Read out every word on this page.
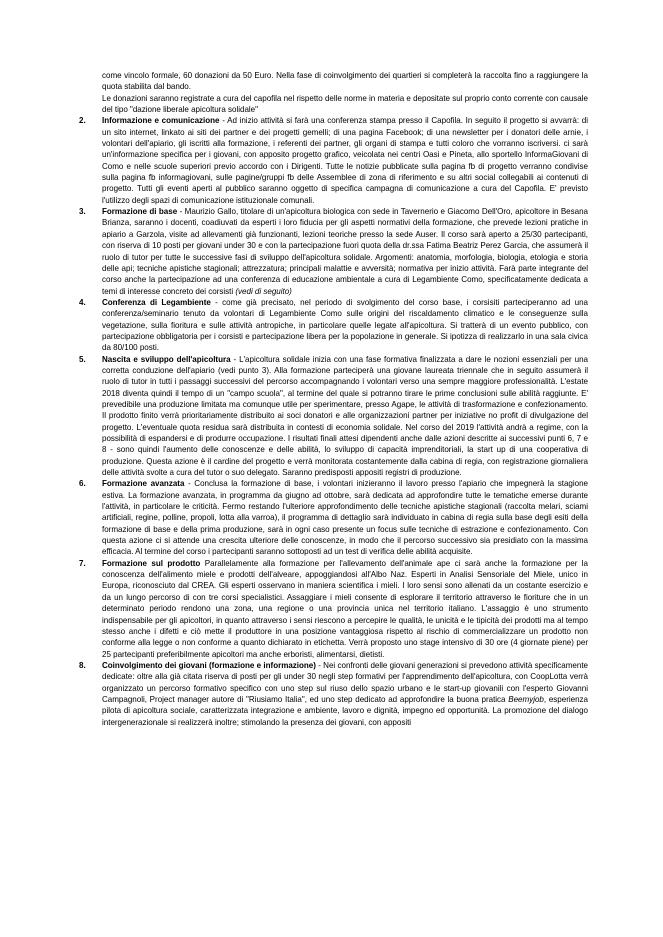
come vincolo formale, 60 donazioni da 50 Euro. Nella fase di coinvolgimento dei quartieri si completerà la raccolta fino a raggiungere la quota stabilita dal bando.

Le donazioni saranno registrate a cura del capofila nel rispetto delle norme in materia e depositate sul proprio conto corrente con causale del tipo "dazione liberale apicoltura solidale"

2.	Informazione e comunicazione - Ad inizio attività si farà una conferenza stampa presso il Capofila. In seguito il progetto si avvarrà: di un sito internet, linkato ai siti dei partner e dei progetti gemelli; di una pagina Facebook; di una newsletter per i donatori delle arnie, i volontari dell'apiario, gli iscritti alla formazione, i referenti dei partner, gli organi di stampa e tutti coloro che vorranno iscriversi. ci sarà un'informazione specifica per i giovani, con apposito progetto grafico, veicolata nei centri Oasi e Pineta, allo sportello InformaGiovani di Como e nelle scuole superiori previo accordo con i Dirigenti. Tutte le notizie pubblicate sulla pagina fb di progetto verranno condivise sulla pagina fb informagiovani, sulle pagine/gruppi fb delle Assemblee di zona di riferimento e su altri social collegabili ai contenuti di progetto. Tutti gli eventi aperti al pubblico saranno oggetto di specifica campagna di comunicazione a cura del Capofila. E' previsto l'utilizzo degli spazi di comunicazione istituzionale comunali.

3.	Formazione di base - Maurizio Gallo, titolare di un'apicoltura biologica con sede in Tavernerio e Giacomo Dell'Oro, apicoltore in Besana Brianza, saranno i docenti, coadiuvati da esperti i loro fiducia per gli aspetti normativi della formazione, che prevede lezioni pratiche in apiario a Garzola, visite ad allevamenti già funzionanti, lezioni teoriche presso la sede Auser. Il corso sarà aperto a 25/30 partecipanti, con riserva di 10 posti per giovani under 30 e con la partecipazione fuori quota della dr.ssa Fatima Beatriz Perez Garcia, che assumerà il ruolo di tutor per tutte le successive fasi di sviluppo dell'apicoltura solidale. Argomenti: anatomia, morfologia, biologia, etologia e storia delle api; tecniche apistiche stagionali; attrezzatura; principali malattie e avversità; normativa per inizio attività. Farà parte integrante del corso anche la partecipazione ad una conferenza di educazione ambientale a cura di Legambiente Como, specificatamente dedicata a temi di interesse concreto dei corsisti (vedi di seguito)

4.	Conferenza di Legambiente - come già precisato, nel periodo di svolgimento del corso base, i corsisiti parteciperanno ad una conferenza/seminario tenuto da volontari di Legambiente Como sulle origini del riscaldamento climatico e le conseguenze sulla vegetazione, sulla fioritura e sulle attività antropiche, in particolare quelle legate all'apicoltura. Si tratterà di un evento pubblico, con partecipazione obbligatoria per i corsisti e partecipazione libera per la popolazione in generale. Si ipotizza di realizzarlo in una sala civica da 80/100 posti.

5.	Nascita e sviluppo dell'apicoltura - L'apicoltura solidale inizia con una fase formativa finalizzata a dare le nozioni essenziali per una corretta conduzione dell'apiario (vedi punto 3). Alla formazione parteciperà una giovane laureata triennale che in seguito assumerà il ruolo di tutor in tutti i passaggi successivi del percorso accompagnando i volontari verso una sempre maggiore professionalità. L'estate 2018 diventa quindi il tempo di un "campo scuola", al termine del quale si potranno tirare le prime conclusioni sulle abilità raggiunte. E' prevedibile una produzione limitata ma comunque utile per sperimentare, presso Agape, le attività di trasformazione e confezionamento. Il prodotto finito verrà prioritariamente distribuito ai soci donatori e alle organizzazioni partner per iniziative no profit di divulgazione del progetto. L'eventuale quota residua sarà distribuita in contesti di economia solidale. Nel corso del 2019 l'attività andrà a regime, con la possibilità di espandersi e di produrre occupazione. I risultati finali attesi dipendenti anche dalle azioni descritte ai successivi punti 6, 7 e 8 - sono quindi l'aumento delle conoscenze e delle abilità, lo sviluppo di capacità imprenditoriali, la start up di una cooperativa di produzione. Questa azione è il cardine del progetto e verrà monitorata costantemente dalla cabina di regia, con registrazione giornaliera delle attività svolte a cura del tutor o suo delegato. Saranno predisposti appositi registri di produzione.

6.	Formazione avanzata - Conclusa la formazione di base, i volontari inizieranno il lavoro presso l'apiario che impegnerà la stagione estiva. La formazione avanzata, in programma da giugno ad ottobre, sarà dedicata ad approfondire tutte le tematiche emerse durante l'attività, in particolare le criticità. Fermo restando l'ulteriore approfondimento delle tecniche apistiche stagionali (raccolta melari, sciami artificiali, regine, polline, propoli, lotta alla varroa), il programma di dettaglio sarà individuato in cabina di regia sulla base degli esiti della formazione di base e della prima produzione, sarà in ogni caso presente un focus sulle tecniche di estrazione e confezionamento. Con questa azione ci si attende una crescita ulteriore delle conoscenze, in modo che il percorso successivo sia presidiato con la massima efficacia. Al termine del corso i partecipanti saranno sottoposti ad un test di verifica delle abilità acquisite.

7.	Formazione sul prodotto Parallelamente alla formazione per l'allevamento dell'animale ape ci sarà anche la formazione per la conoscenza dell'alimento miele e prodotti dell'alveare, appoggiandosi all'Albo Naz. Esperti in Analisi Sensoriale del Miele, unico in Europa, riconosciuto dal CREA. Gli esperti osservano in maniera scientifica i mieli. I loro sensi sono allenati da un costante esercizio e da un lungo percorso di con tre corsi specialistici. Assaggiare i mieli consente di esplorare il territorio attraverso le fioriture che in un determinato periodo rendono una zona, una regione o una provincia unica nel territorio italiano. L'assaggio è uno strumento indispensabile per gli apicoltori, in quanto attraverso i sensi riescono a percepire le qualità, le unicità e le tipicità dei prodotti ma al tempo stesso anche i difetti e ciò mette il produttore in una posizione vantaggiosa rispetto al rischio di commercializzare un prodotto non conforme alla legge o non conforme a quanto dichiarato in etichetta. Verrà proposto uno stage intensivo di 30 ore (4 giornate piene) per 25 partecipanti preferibilmente apicoltori ma anche erboristi, alimentarsi, dietisti.

8.	Coinvolgimento dei giovani (formazione e informazione) - Nei confronti delle giovani generazioni si prevedono attività specificamente dedicate: oltre alla già citata riserva di posti per gli under 30 negli step formativi per l'apprendimento dell'apicoltura, con CoopLotta verrà organizzato un percorso formativo specifico con uno step sul riuso dello spazio urbano e le start-up giovanili con l'esperto Giovanni Campagnoli, Project manager autore di "Riusiamo Italia", ed uno step dedicato ad approfondire la buona pratica Beemyjob, esperienza pilota di apicoltura sociale, caratterizzata integrazione e ambiente, lavoro e dignità, impegno ed opportunità. La promozione del dialogo intergenerazionale si realizzerà inoltre; stimolando la presenza dei giovani, con appositi
